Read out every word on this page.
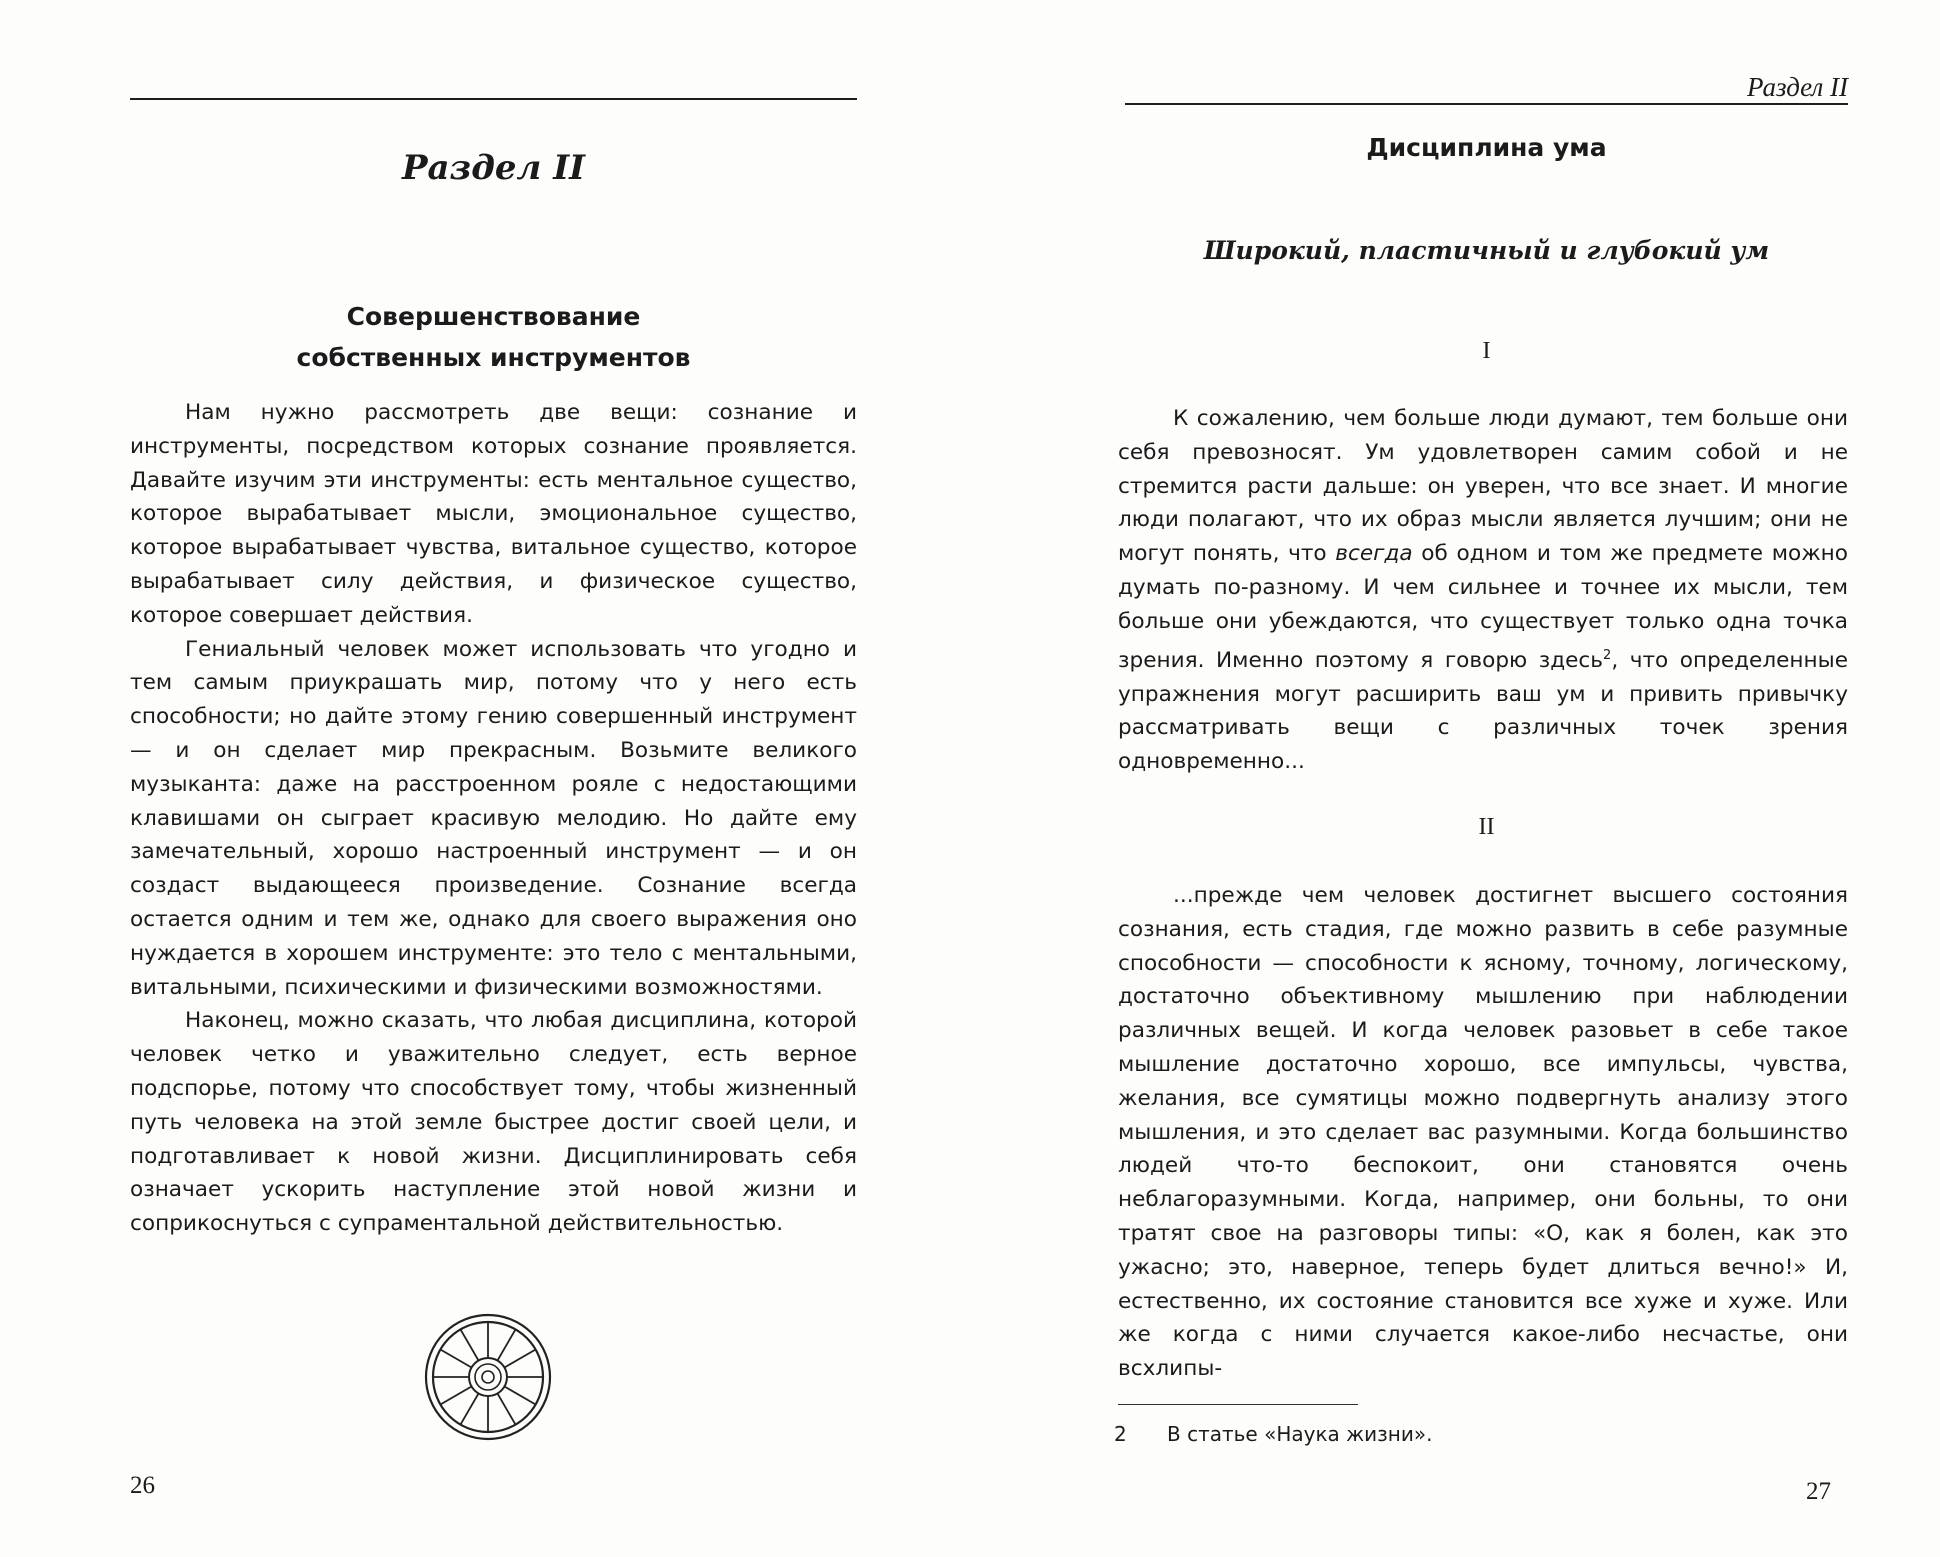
Раздел II
Совершенствование
собственных инструментов

Нам нужно рассмотреть две вещи: сознание и инструменты, посредством которых сознание проявляется. Давайте изучим эти инструменты: есть ментальное существо, которое вырабатывает мысли, эмоциональное существо, которое вырабатывает чувства, витальное существо, которое вырабатывает силу действия, и физическое существо, которое совершает действия.

Гениальный человек может использовать что угодно и тем самым приукрашать мир, потому что у него есть способности; но дайте этому гению совершенный инструмент — и он сделает мир прекрасным. Возьмите великого музыканта: даже на расстроенном рояле с недостающими клавишами он сыграет красивую мелодию. Но дайте ему замечательный, хорошо настроенный инструмент — и он создаст выдающееся произведение. Сознание всегда остается одним и тем же, однако для своего выражения оно нуждается в хорошем инструменте: это тело с ментальными, витальными, психическими и физическими возможностями.

Наконец, можно сказать, что любая дисциплина, которой человек четко и уважительно следует, есть верное подспорье, потому что способствует тому, чтобы жизненный путь человека на этой земле быстрее достиг своей цели, и подготавливает к новой жизни. Дисциплинировать себя означает ускорить наступление этой новой жизни и соприкоснуться с супраментальной действительностью.

26
Раздел II
Дисциплина ума
Широкий, пластичный и глубокий ум
I

К сожалению, чем больше люди думают, тем больше они себя превозносят. Ум удовлетворен самим собой и не стремится расти дальше: он уверен, что все знает. И многие люди полагают, что их образ мысли является лучшим; они не могут понять, что всегда об одном и том же предмете можно думать по-разному. И чем сильнее и точнее их мысли, тем больше они убеждаются, что существует только одна точка зрения. Именно поэтому я говорю здесь$^2$, что определенные упражнения могут расширить ваш ум и привить привычку рассматривать вещи с различных точек зрения одновременно...

II

...прежде чем человек достигнет высшего состояния сознания, есть стадия, где можно развить в себе разумные способности — способности к ясному, точному, логическому, достаточно объективному мышлению при наблюдении различных вещей. И когда человек разовьет в себе такое мышление достаточно хорошо, все импульсы, чувства, желания, все сумятицы можно подвергнуть анализу этого мышления, и это сделает вас разумными. Когда большинство людей что-то беспокоит, они становятся очень неблагоразумными. Когда, например, они больны, то они тратят свое на разговоры типы: «О, как я болен, как это ужасно; это, наверное, теперь будет длиться вечно!» И, естественно, их состояние становится все хуже и хуже. Или же когда с ними случается какое-либо несчастье, они всхлипы-

2 В статье «Наука жизни».
27
